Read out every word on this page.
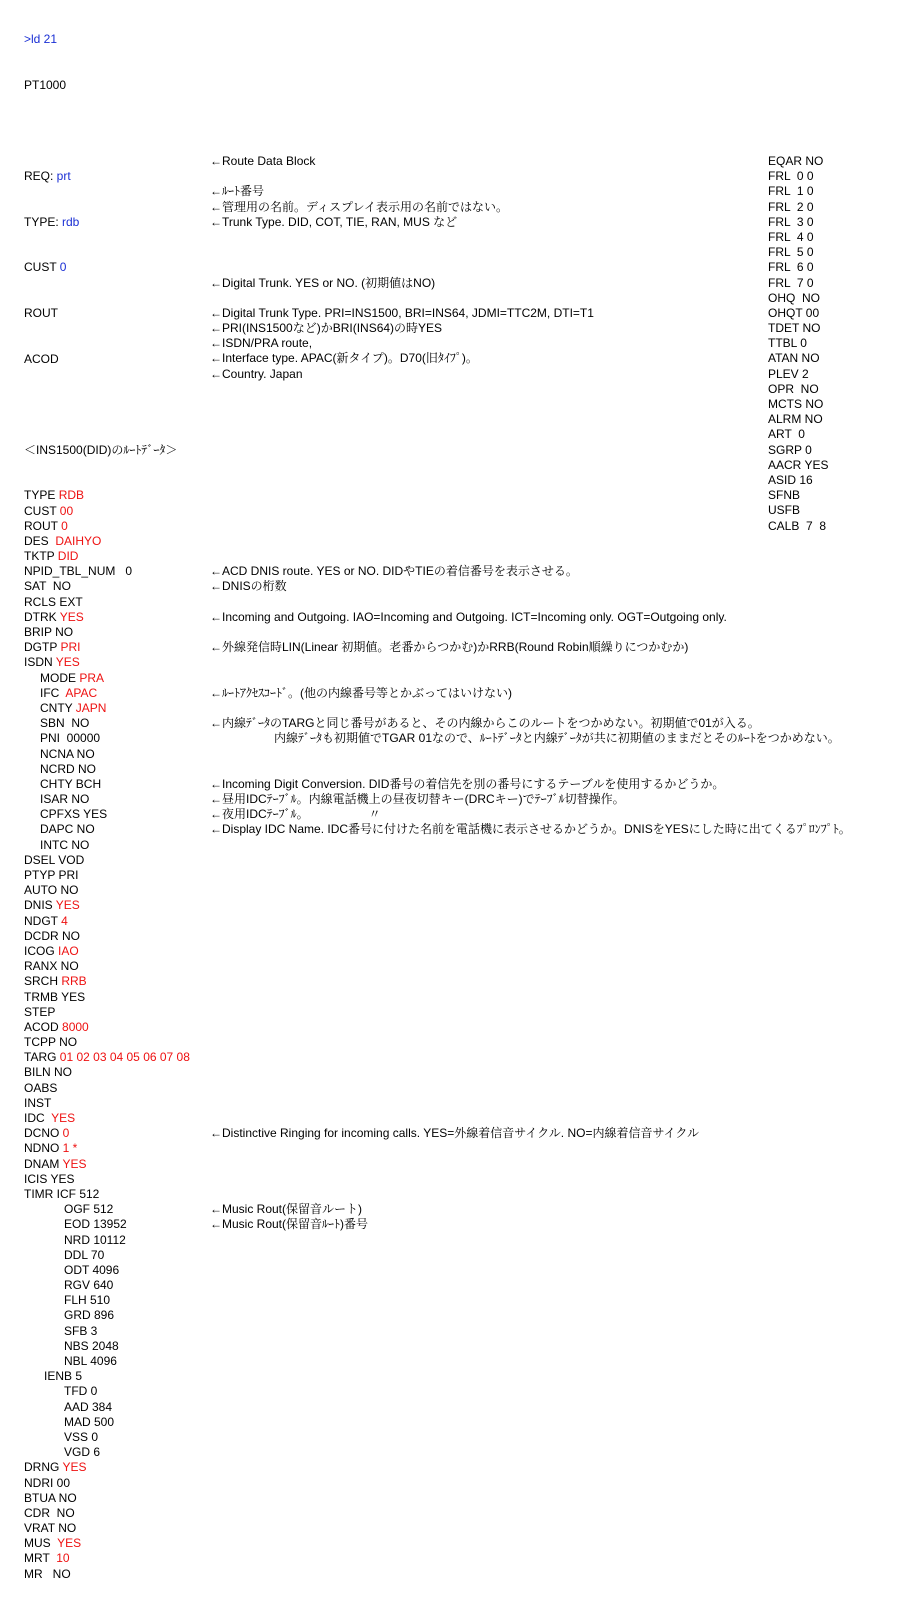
>ld 21

PT1000

REQ: prt

TYPE: rdb

CUST 0

ROUT

ACOD

＜INS1500(DID)のﾙｰﾄﾃﾞｰﾀ＞

TYPE RDB
CUST 00
ROUT 0
DES  DAIHYO
TKTP DID
NPID_TBL_NUM   0
SAT  NO
RCLS EXT
DTRK YES
BRIP NO
DGTP PRI
ISDN YES
MODE PRA
IFC  APAC
CNTY JAPN
SBN  NO
PNI  00000
NCNA NO
NCRD NO
CHTY BCH
ISAR NO
CPFXS YES
DAPC NO
INTC NO
DSEL VOD
PTYP PRI
AUTO NO
DNIS YES
NDGT 4
DCDR NO
ICOG IAO
RANX NO
SRCH RRB
TRMB YES
STEP
ACOD 8000
TCPP NO
TARG 01 02 03 04 05 06 07 08
BILN NO
OABS
INST
IDC  YES
DCNO 0
NDNO 1 *
DNAM YES
ICIS YES
TIMR ICF 512
OGF 512
EOD 13952
NRD 10112
DDL 70
ODT 4096
RGV 640
FLH 510
GRD 896
SFB 3
NBS 2048
NBL 4096
IENB 5
TFD 0
AAD 384
MAD 500
VSS 0
VGD 6
DRNG YES
NDRI 00
BTUA NO
CDR  NO
VRAT NO
MUS  YES
MRT  10
MR   NO

←Route Data Block
←ﾙｰﾄ番号
←管理用の名前。ディスプレイ表示用の名前ではない。
←Trunk Type. DID, COT, TIE, RAN, MUS など
←Digital Trunk. YES or NO. (初期値はNO)
←Digital Trunk Type. PRI=INS1500, BRI=INS64, JDMI=TTC2M, DTI=T1
←PRI(INS1500など)かBRI(INS64)の時YES
←ISDN/PRA route,
←Interface type. APAC(新タイプ)。D70(旧ﾀｲﾌﾟ)。
←Country. Japan
←ACD DNIS route. YES or NO. DIDやTIEの着信番号を表示させる。
←DNISの桁数
←Incoming and Outgoing. IAO=Incoming and Outgoing. ICT=Incoming only. OGT=Outgoing only.
←外線発信時LIN(Linear 初期値。老番からつかむ)かRRB(Round Robin順繰りにつかむか)
←ﾙｰﾄｱｸｾｽｺｰﾄﾞ。(他の内線番号等とかぶってはいけない)
←内線ﾃﾞｰﾀのTARGと同じ番号があると、その内線からこのルートをつかめない。初期値で01が入る。
内線ﾃﾞｰﾀも初期値でTGAR 01なので、ﾙｰﾄﾃﾞｰﾀと内線ﾃﾞｰﾀが共に初期値のままだとそのﾙｰﾄをつかめない。
←Incoming Digit Conversion. DID番号の着信先を別の番号にするテーブルを使用するかどうか。
←昼用IDCﾃｰﾌﾞﾙ。内線電話機上の昼夜切替キー(DRCキー)でﾃｰﾌﾞﾙ切替操作。
←夜用IDCﾃｰﾌﾞﾙ。                  〃
←Display IDC Name. IDC番号に付けた名前を電話機に表示させるかどうか。DNISをYESにした時に出てくるﾌﾟﾛﾝﾌﾟﾄ。
←Distinctive Ringing for incoming calls. YES=外線着信音サイクル. NO=内線着信音サイクル
←Music Rout(保留音ルート)
←Music Rout(保留音ﾙｰﾄ)番号
EQAR NO
FRL  0 0
FRL  1 0
FRL  2 0
FRL  3 0
FRL  4 0
FRL  5 0
FRL  6 0
FRL  7 0
OHQ  NO
OHQT 00
TDET NO
TTBL 0
ATAN NO
PLEV 2
OPR  NO
MCTS NO
ALRM NO
ART  0
SGRP 0
AACR YES
ASID 16
SFNB
USFB
CALB  7  8
